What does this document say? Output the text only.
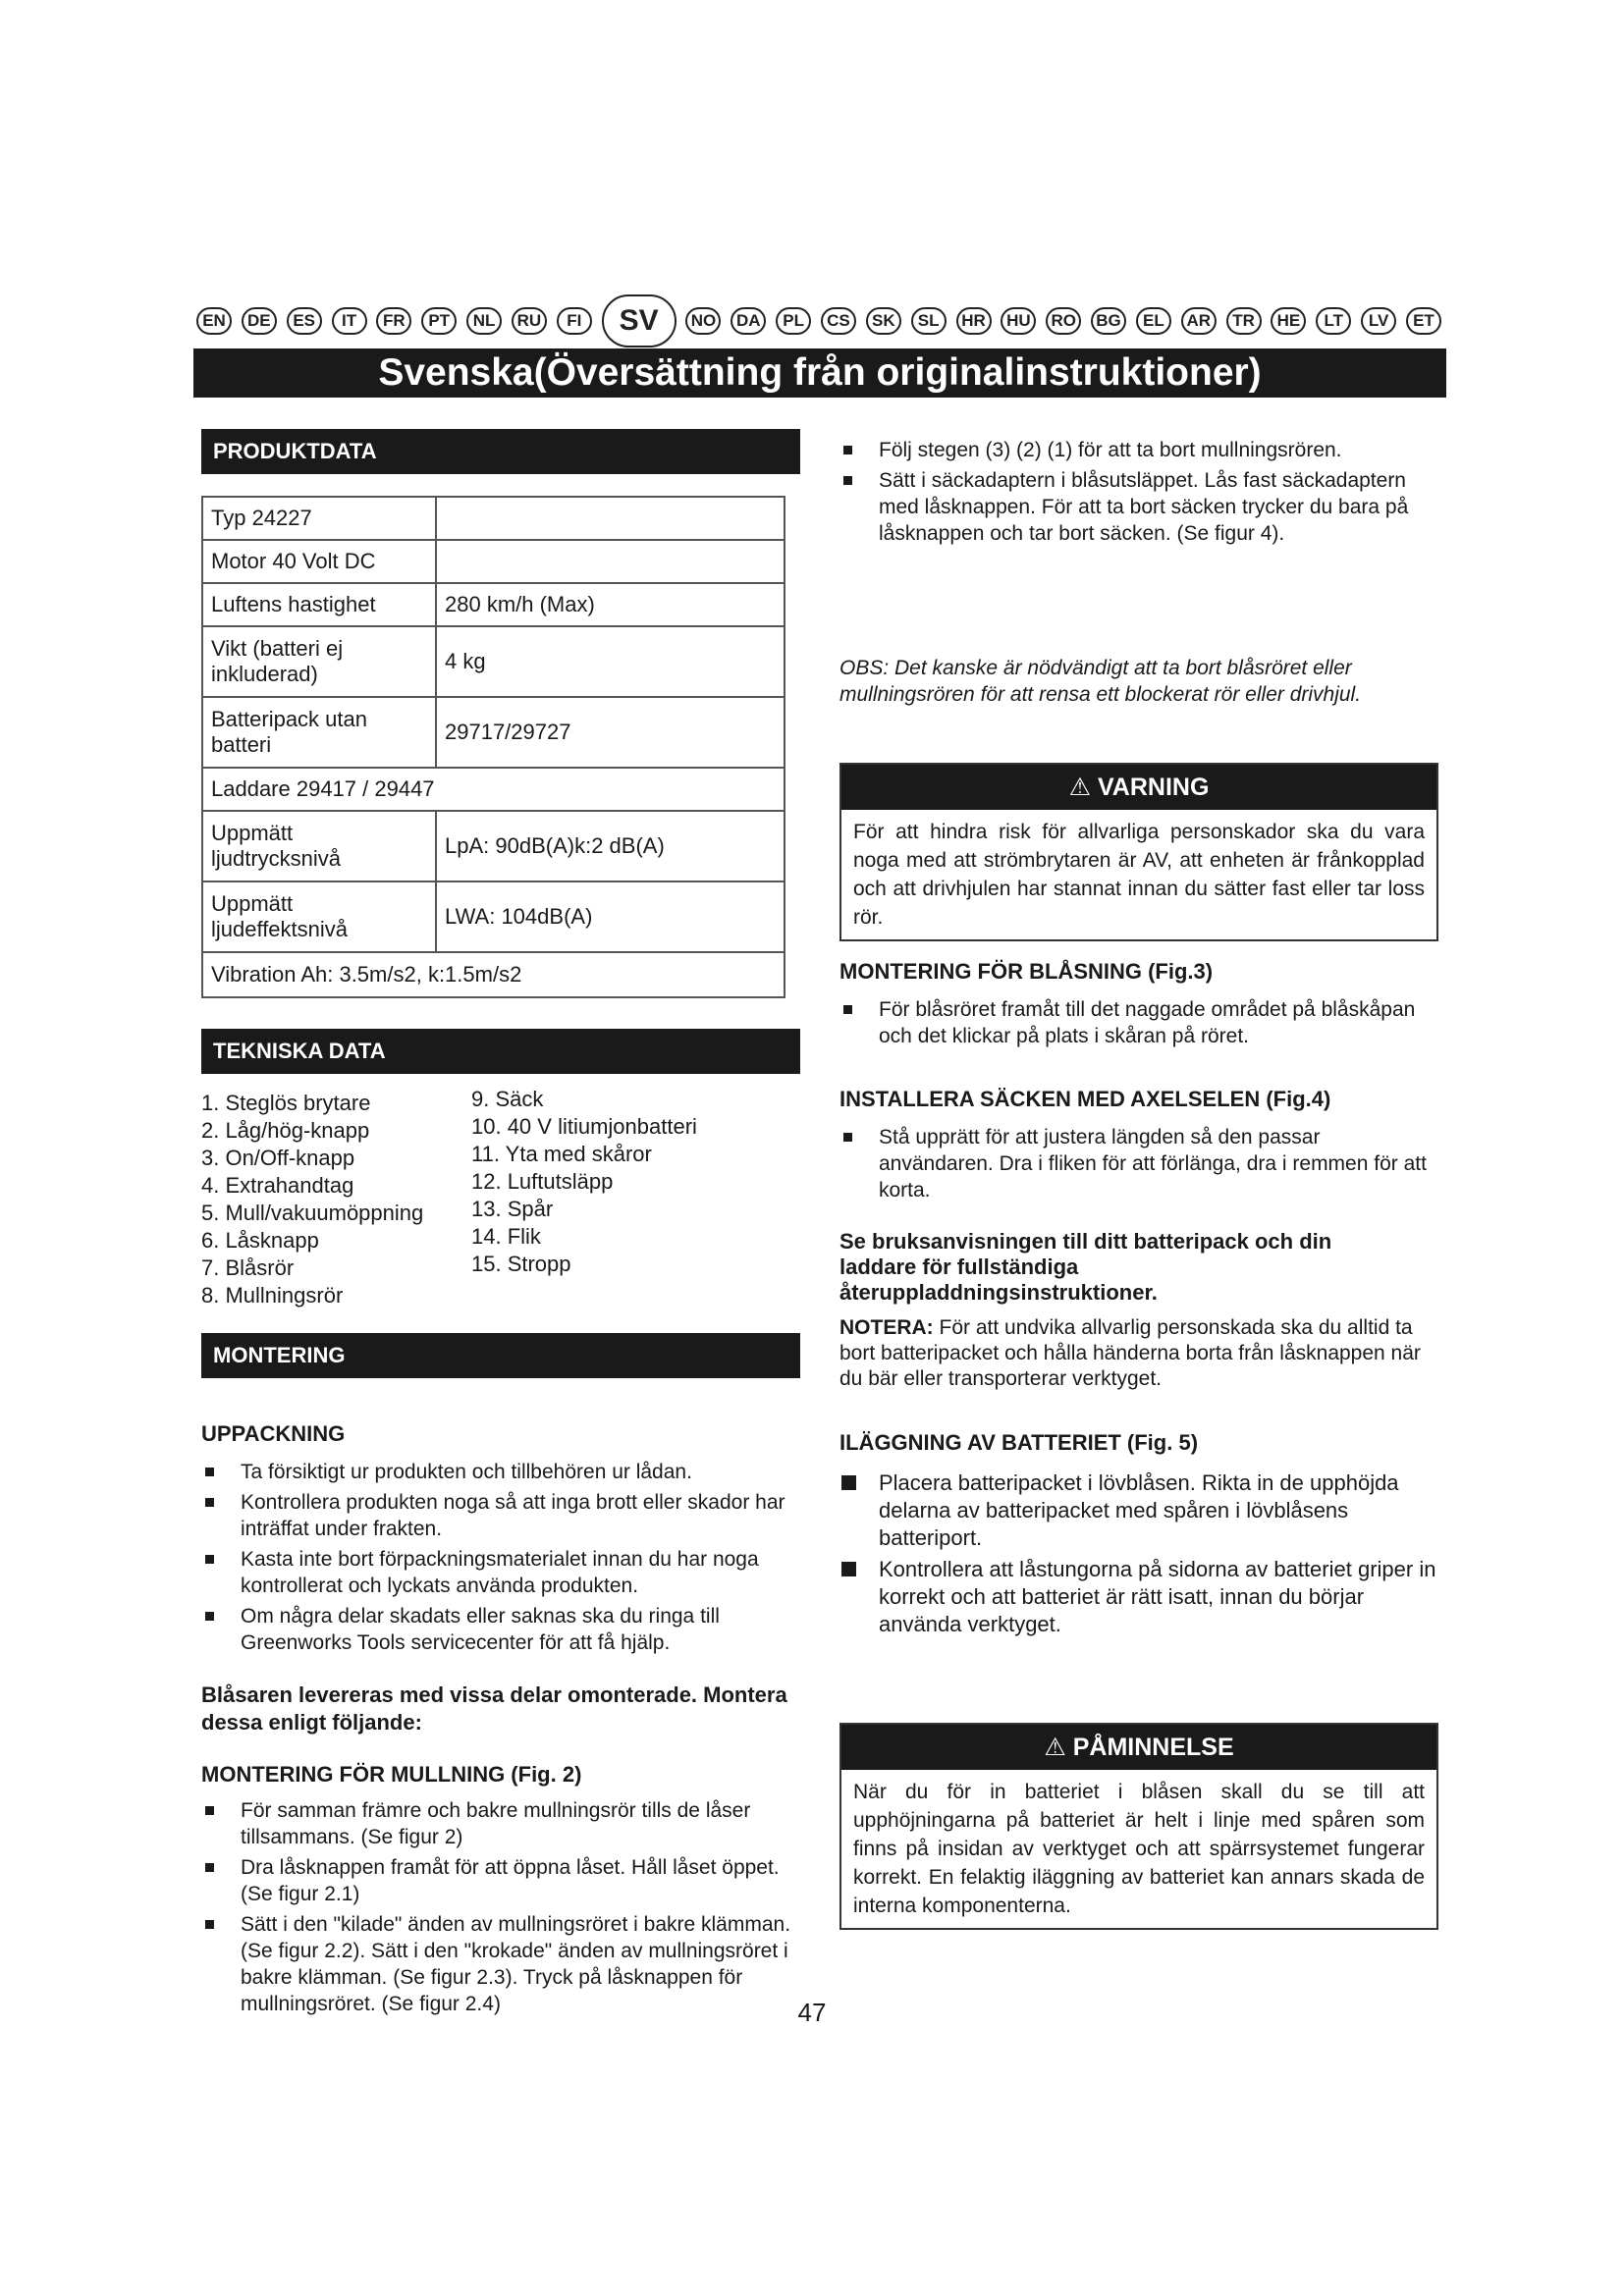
EN	DE	ES	IT	FR	PT	NL	RU	FI	SV	NO	DA	PL	CS	SK	SL	HR	HU	RO	BG	EL	AR	TR	HE	LT	LV	ET
Svenska(Översättning från originalinstruktioner)
PRODUKTDATA
Typ 24227	
Motor 40 Volt DC	
Luftens hastighet	280 km/h (Max)
Vikt (batteri ej inkluderad)	4 kg
Batteripack utan batteri	29717/29727
Laddare 29417 / 29447	
Uppmätt ljudtrycksnivå	LpA: 90dB(A)k:2 dB(A)
Uppmätt ljudeffektsnivå	LWA: 104dB(A)
Vibration Ah: 3.5m/s2, k:1.5m/s2	
TEKNISKA DATA
1. Steglös brytare
2. Låg/hög-knapp
3. On/Off-knapp
4. Extrahandtag
5. Mull/vakuumöppning
6. Låsknapp
7. Blåsrör
8. Mullningsrör
9. Säck
10. 40 V litiumjonbatteri
11. Yta med skåror
12. Luftutsläpp
13. Spår
14. Flik
15. Stropp
MONTERING
UPPACKNING
Ta försiktigt ur produkten och tillbehören ur lådan.
Kontrollera produkten noga så att inga brott eller skador har inträffat under frakten.
Kasta inte bort förpackningsmaterialet innan du har noga kontrollerat och lyckats använda produkten.
Om några delar skadats eller saknas ska du ringa till Greenworks Tools servicecenter för att få hjälp.
Blåsaren levereras med vissa delar omonterade. Montera dessa enligt följande:
MONTERING FÖR MULLNING (Fig. 2)
För samman främre och bakre mullningsrör tills de låser tillsammans. (Se figur 2)
Dra låsknappen framåt för att öppna låset. Håll låset öppet. (Se figur 2.1)
Sätt i den "kilade" änden av mullningsröret i bakre klämman. (Se figur 2.2). Sätt i den "krokade" änden av mullningsröret i bakre klämman. (Se figur 2.3). Tryck på låsknappen för mullningsröret. (Se figur 2.4)
Följ stegen (3) (2) (1) för att ta bort mullningsrören.
Sätt i säckadaptern i blåsutsläppet. Lås fast säckadaptern med låsknappen. För att ta bort säcken trycker du bara på låsknappen och tar bort säcken. (Se figur 4).
OBS: Det kanske är nödvändigt att ta bort blåsröret eller mullningsrören för att rensa ett blockerat rör eller drivhjul.
⚠ VARNING
För att hindra risk för allvarliga personskador ska du vara noga med att strömbrytaren är AV, att enheten är frånkopplad och att drivhjulen har stannat innan du sätter fast eller tar loss rör.
MONTERING FÖR BLÅSNING (Fig.3)
För blåsröret framåt till det naggade området på blåskåpan och det klickar på plats i skåran på röret.
INSTALLERA SÄCKEN MED AXELSELEN (Fig.4)
Stå upprätt för att justera längden så den passar användaren. Dra i fliken för att förlänga, dra i remmen för att korta.
Se bruksanvisningen till ditt batteripack och din laddare för fullständiga återuppladdningsinstruktioner.
NOTERA: För att undvika allvarlig personskada ska du alltid ta bort batteripacket och hålla händerna borta från låsknappen när du bär eller transporterar verktyget.
ILÄGGNING AV BATTERIET (Fig. 5)
Placera batteripacket i lövblåsen. Rikta in de upphöjda delarna av batteripacket med spåren i lövblåsens batteriport.
Kontrollera att låstungorna på sidorna av batteriet griper in korrekt och att batteriet är rätt isatt, innan du börjar använda verktyget.
⚠ PÅMINNELSE
När du för in batteriet i blåsen skall du se till att upphöjningarna på batteriet är helt i linje med spåren som finns på insidan av verktyget och att spärrsystemet fungerar korrekt. En felaktig iläggning av batteriet kan annars skada de interna komponenterna.
47
